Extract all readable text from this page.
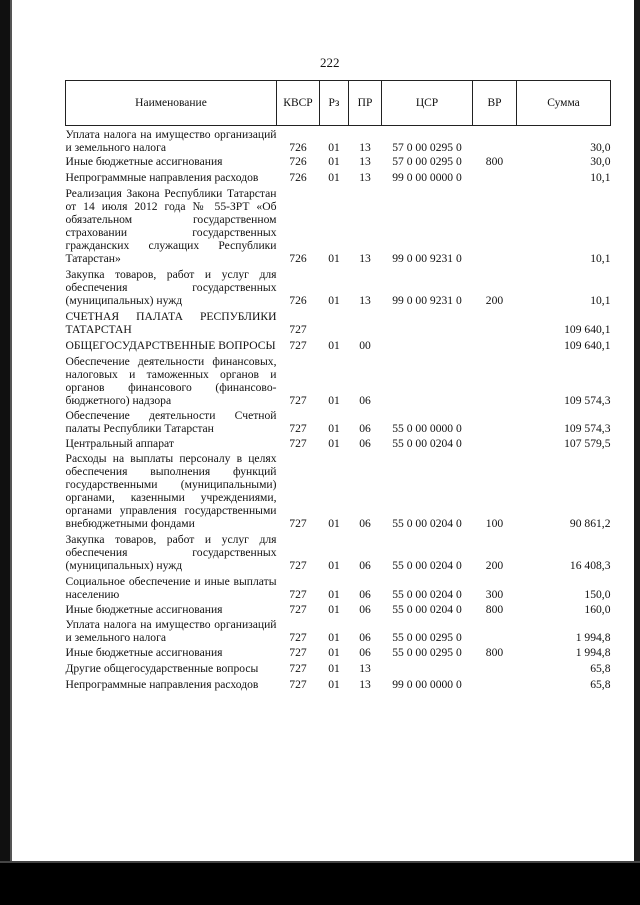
222
Наименование	КВСР	Рз	ПР	ЦСР	ВР	Сумма
Уплата налога на имущество организаций и земельного налога	726	01	13	57 0 00 0295 0		30,0
Иные бюджетные ассигнования	726	01	13	57 0 00 0295 0	800	30,0
Непрограммные направления расходов	726	01	13	99 0 00 0000 0		10,1
Реализация Закона Республики Татарстан от 14 июля 2012 года № 55-ЗРТ «Об обязательном государственном страховании государственных гражданских служащих Республики Татарстан»	726	01	13	99 0 00 9231 0		10,1
Закупка товаров, работ и услуг для обеспечения государственных (муниципальных) нужд	726	01	13	99 0 00 9231 0	200	10,1
СЧЕТНАЯ ПАЛАТА РЕСПУБЛИКИ ТАТАРСТАН	727					109 640,1
ОБЩЕГОСУДАРСТВЕННЫЕ ВОПРОСЫ	727	01	00			109 640,1
Обеспечение деятельности финансовых, налоговых и таможенных органов и органов финансового (финансово-бюджетного) надзора	727	01	06			109 574,3
Обеспечение деятельности Счетной палаты Республики Татарстан	727	01	06	55 0 00 0000 0		109 574,3
Центральный аппарат	727	01	06	55 0 00 0204 0		107 579,5
Расходы на выплаты персоналу в целях обеспечения выполнения функций государственными (муниципальными) органами, казенными учреждениями, органами управления государственными внебюджетными фондами	727	01	06	55 0 00 0204 0	100	90 861,2
Закупка товаров, работ и услуг для обеспечения государственных (муниципальных) нужд	727	01	06	55 0 00 0204 0	200	16 408,3
Социальное обеспечение и иные выплаты населению	727	01	06	55 0 00 0204 0	300	150,0
Иные бюджетные ассигнования	727	01	06	55 0 00 0204 0	800	160,0
Уплата налога на имущество организаций и земельного налога	727	01	06	55 0 00 0295 0		1 994,8
Иные бюджетные ассигнования	727	01	06	55 0 00 0295 0	800	1 994,8
Другие общегосударственные вопросы	727	01	13			65,8
Непрограммные направления расходов	727	01	13	99 0 00 0000 0		65,8
